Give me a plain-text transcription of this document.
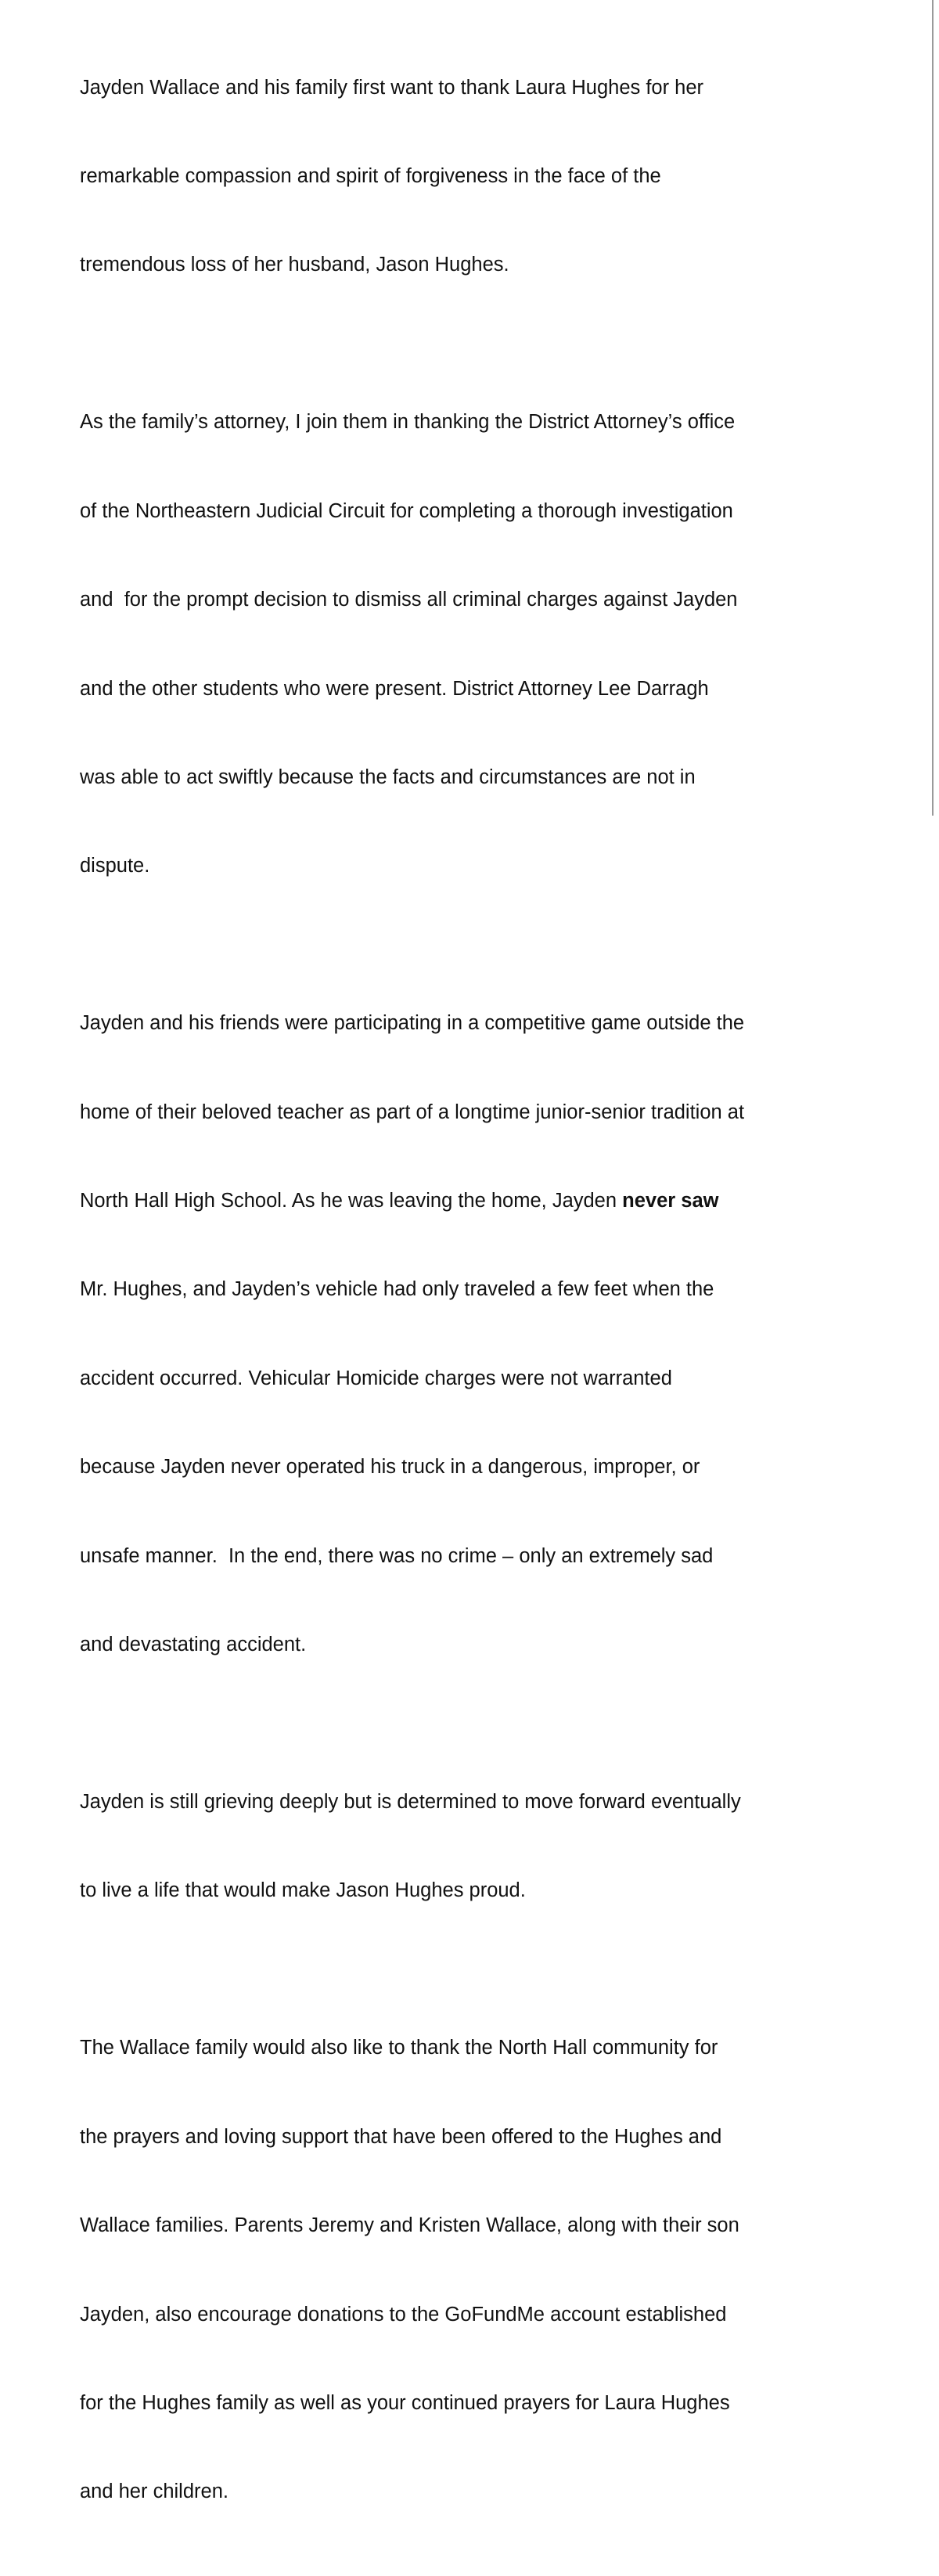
Jayden Wallace and his family first want to thank Laura Hughes for her

remarkable compassion and spirit of forgiveness in the face of the

tremendous loss of her husband, Jason Hughes.

As the family’s attorney, I join them in thanking the District Attorney’s office

of the Northeastern Judicial Circuit for completing a thorough investigation

and  for the prompt decision to dismiss all criminal charges against Jayden

and the other students who were present. District Attorney Lee Darragh

was able to act swiftly because the facts and circumstances are not in

dispute.

Jayden and his friends were participating in a competitive game outside the

home of their beloved teacher as part of a longtime junior-senior tradition at

North Hall High School. As he was leaving the home, Jayden never saw

Mr. Hughes, and Jayden’s vehicle had only traveled a few feet when the

accident occurred. Vehicular Homicide charges were not warranted

because Jayden never operated his truck in a dangerous, improper, or

unsafe manner.  In the end, there was no crime – only an extremely sad

and devastating accident.

Jayden is still grieving deeply but is determined to move forward eventually

to live a life that would make Jason Hughes proud.

The Wallace family would also like to thank the North Hall community for

the prayers and loving support that have been offered to the Hughes and

Wallace families. Parents Jeremy and Kristen Wallace, along with their son

Jayden, also encourage donations to the GoFundMe account established

for the Hughes family as well as your continued prayers for Laura Hughes

and her children.
